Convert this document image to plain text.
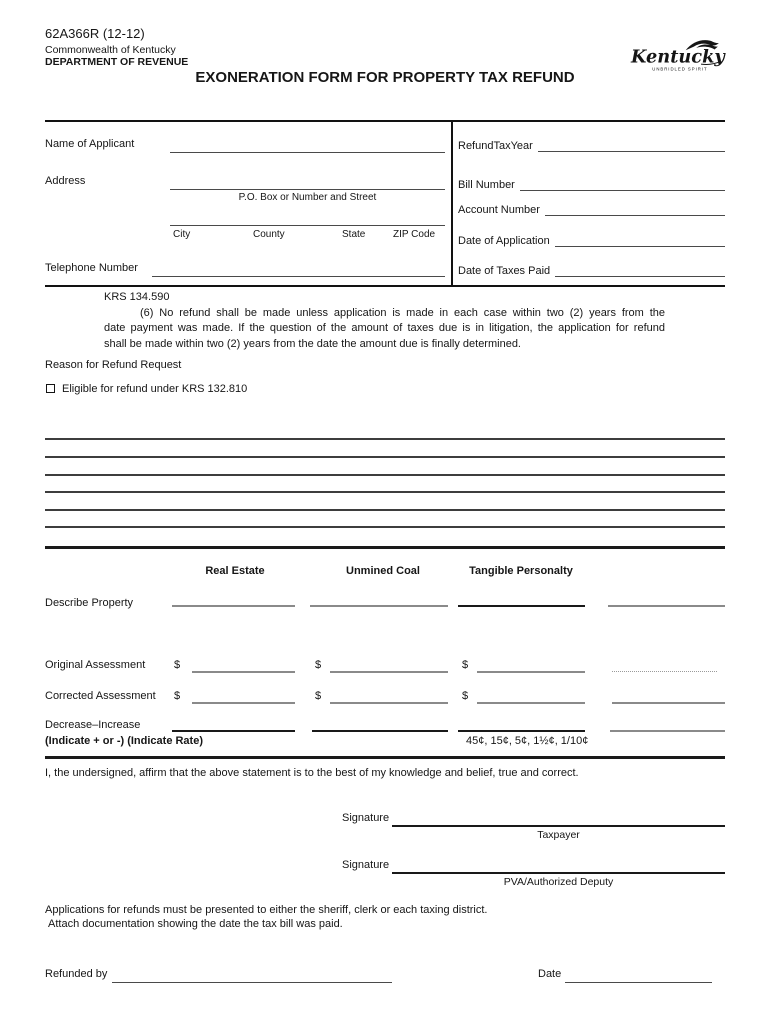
62A366R (12-12)
Commonwealth of Kentucky
DEPARTMENT OF REVENUE
EXONERATION FORM FOR PROPERTY TAX REFUND
Kentucky
UNBRIDLED SPIRIT
Name of Applicant
Address
P.O. Box or Number and Street
City	County	State	ZIP Code
Telephone Number
RefundTaxYear
Bill Number
Account Number
Date of Application
Date of Taxes Paid
KRS 134.590
(6) No refund shall be made unless application is made in each case within two (2) years from the
date payment was made. If the question of the amount of taxes due is in litigation, the application for refund
shall be made within two (2) years from the date the amount due is finally determined.
Reason for Refund Request
Eligible for refund under KRS 132.810
Real Estate	Unmined Coal	Tangible Personalty
Describe Property
Original Assessment	$	$	$
Corrected Assessment $	$	$
Decrease–Increase
(Indicate + or -) (Indicate Rate)	45¢, 15¢, 5¢, 1½¢, 1/10¢
I, the undersigned, affirm that the above statement is to the best of my knowledge and belief, true and correct.
Signature
Taxpayer
Signature
PVA/Authorized Deputy
Applications for refunds must be presented to either the sheriff, clerk or each taxing district.
Attach documentation showing the date the tax bill was paid.
Refunded by	Date
